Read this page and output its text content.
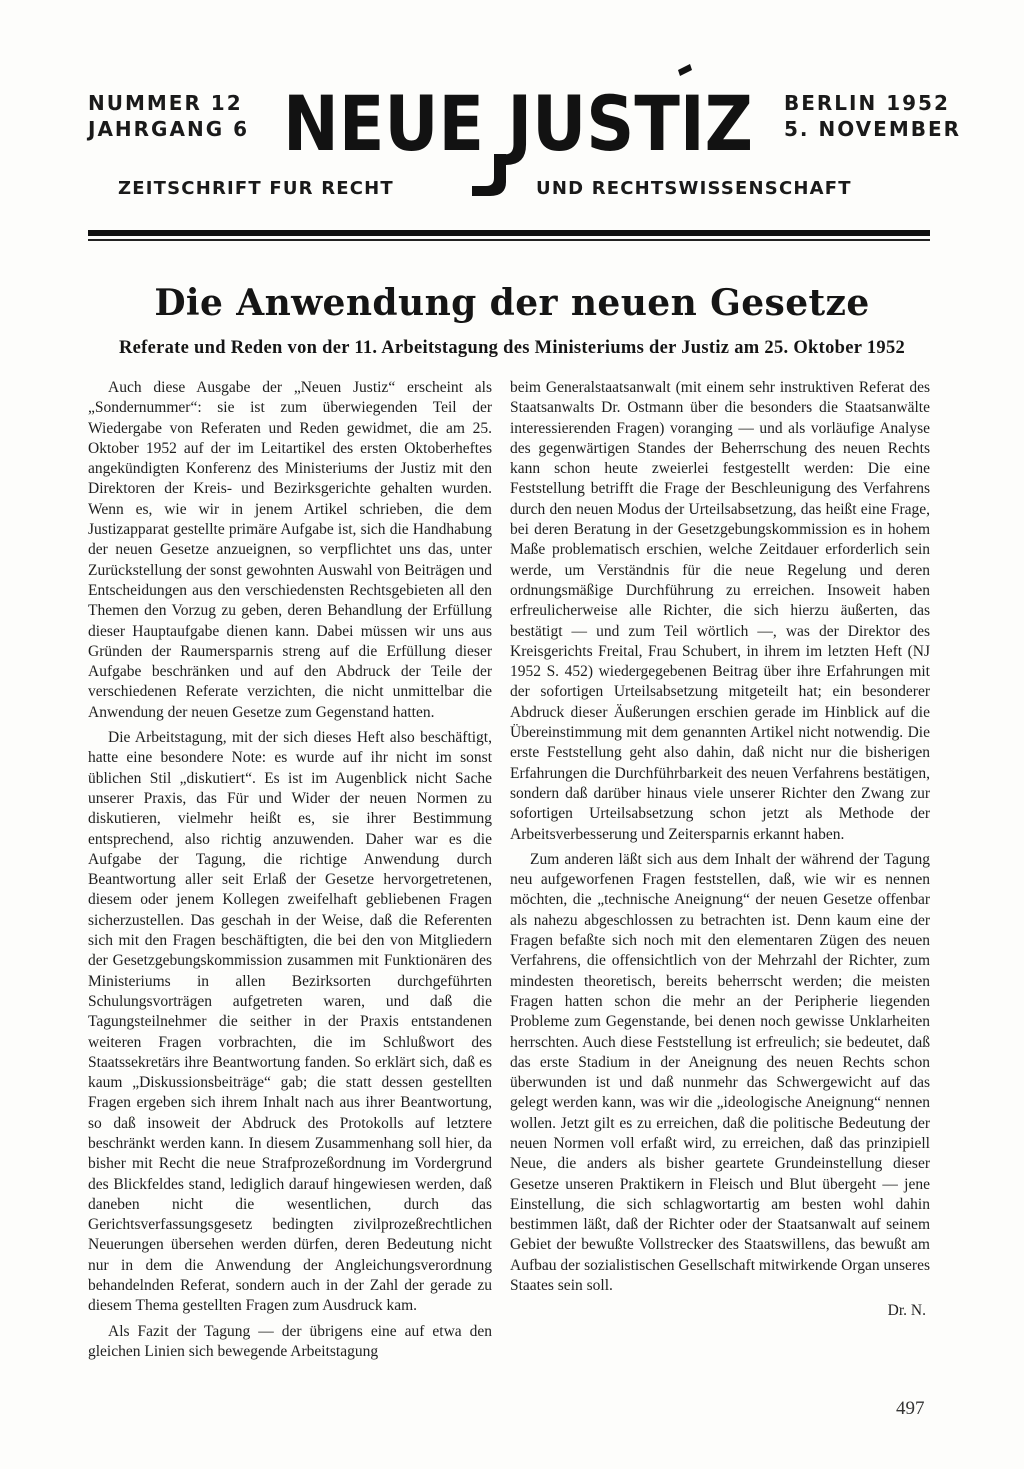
NUMMER 12
JAHRGANG 6 NEUE JUSTIZ BERLIN 1952
5. NOVEMBER
ZEITSCHRIFT FUR RECHT	UND RECHTSWISSENSCHAFT
Die Anwendung der neuen Gesetze
Referate und Reden von der 11. Arbeitstagung des Ministeriums der Justiz am 25. Oktober 1952

Auch diese Ausgabe der „Neuen Justiz“ erscheint als „Sondernummer“: sie ist zum überwiegenden Teil der Wiedergabe von Referaten und Reden gewidmet, die am 25. Oktober 1952 auf der im Leitartikel des ersten Oktoberheftes angekündigten Konferenz des Ministeriums der Justiz mit den Direktoren der Kreis- und Bezirksgerichte gehalten wurden. Wenn es, wie wir in jenem Artikel schrieben, die dem Justizapparat gestellte primäre Aufgabe ist, sich die Handhabung der neuen Gesetze anzueignen, so verpflichtet uns das, unter Zurückstellung der sonst gewohnten Auswahl von Beiträgen und Entscheidungen aus den verschiedensten Rechtsgebieten all den Themen den Vorzug zu geben, deren Behandlung der Erfüllung dieser Hauptaufgabe dienen kann. Dabei müssen wir uns aus Gründen der Raumersparnis streng auf die Erfüllung dieser Aufgabe beschränken und auf den Abdruck der Teile der verschiedenen Referate verzichten, die nicht unmittelbar die Anwendung der neuen Gesetze zum Gegenstand hatten.

Die Arbeitstagung, mit der sich dieses Heft also beschäftigt, hatte eine besondere Note: es wurde auf ihr nicht im sonst üblichen Stil „diskutiert“. Es ist im Augenblick nicht Sache unserer Praxis, das Für und Wider der neuen Normen zu diskutieren, vielmehr heißt es, sie ihrer Bestimmung entsprechend, also richtig anzuwenden. Daher war es die Aufgabe der Tagung, die richtige Anwendung durch Beantwortung aller seit Erlaß der Gesetze hervorgetretenen, diesem oder jenem Kollegen zweifelhaft gebliebenen Fragen sicherzustellen. Das geschah in der Weise, daß die Referenten sich mit den Fragen beschäftigten, die bei den von Mitgliedern der Gesetzgebungskommission zusammen mit Funktionären des Ministeriums in allen Bezirksorten durchgeführten Schulungsvorträgen aufgetreten waren, und daß die Tagungsteilnehmer die seither in der Praxis entstandenen weiteren Fragen vorbrachten, die im Schlußwort des Staatssekretärs ihre Beantwortung fanden. So erklärt sich, daß es kaum „Diskussionsbeiträge“ gab; die statt dessen gestellten Fragen ergeben sich ihrem Inhalt nach aus ihrer Beantwortung, so daß insoweit der Abdruck des Protokolls auf letztere beschränkt werden kann. In diesem Zusammenhang soll hier, da bisher mit Recht die neue Strafprozeßordnung im Vordergrund des Blickfeldes stand, lediglich darauf hingewiesen werden, daß daneben nicht die wesentlichen, durch das Gerichtsverfassungsgesetz bedingten zivilprozeßrechtlichen Neuerungen übersehen werden dürfen, deren Bedeutung nicht nur in dem die Anwendung der Angleichungsverordnung behandelnden Referat, sondern auch in der Zahl der gerade zu diesem Thema gestellten Fragen zum Ausdruck kam.

Als Fazit der Tagung — der übrigens eine auf etwa den gleichen Linien sich bewegende Arbeitstagung

beim Generalstaatsanwalt (mit einem sehr instruktiven Referat des Staatsanwalts Dr. Ostmann über die besonders die Staatsanwälte interessierenden Fragen) voranging — und als vorläufige Analyse des gegenwärtigen Standes der Beherrschung des neuen Rechts kann schon heute zweierlei festgestellt werden: Die eine Feststellung betrifft die Frage der Beschleunigung des Verfahrens durch den neuen Modus der Urteilsabsetzung, das heißt eine Frage, bei deren Beratung in der Gesetzgebungskommission es in hohem Maße problematisch erschien, welche Zeitdauer erforderlich sein werde, um Verständnis für die neue Regelung und deren ordnungsmäßige Durchführung zu erreichen. Insoweit haben erfreulicherweise alle Richter, die sich hierzu äußerten, das bestätigt — und zum Teil wörtlich —, was der Direktor des Kreisgerichts Freital, Frau Schubert, in ihrem im letzten Heft (NJ 1952 S. 452) wiedergegebenen Beitrag über ihre Erfahrungen mit der sofortigen Urteilsabsetzung mitgeteilt hat; ein besonderer Abdruck dieser Äußerungen erschien gerade im Hinblick auf die Übereinstimmung mit dem genannten Artikel nicht notwendig. Die erste Feststellung geht also dahin, daß nicht nur die bisherigen Erfahrungen die Durchführbarkeit des neuen Verfahrens bestätigen, sondern daß darüber hinaus viele unserer Richter den Zwang zur sofortigen Urteilsabsetzung schon jetzt als Methode der Arbeitsverbesserung und Zeitersparnis erkannt haben.

Zum anderen läßt sich aus dem Inhalt der während der Tagung neu aufgeworfenen Fragen feststellen, daß, wie wir es nennen möchten, die „technische Aneignung“ der neuen Gesetze offenbar als nahezu abgeschlossen zu betrachten ist. Denn kaum eine der Fragen befaßte sich noch mit den elementaren Zügen des neuen Verfahrens, die offensichtlich von der Mehrzahl der Richter, zum mindesten theoretisch, bereits beherrscht werden; die meisten Fragen hatten schon die mehr an der Peripherie liegenden Probleme zum Gegenstande, bei denen noch gewisse Unklarheiten herrschten. Auch diese Feststellung ist erfreulich; sie bedeutet, daß das erste Stadium in der Aneignung des neuen Rechts schon überwunden ist und daß nunmehr das Schwergewicht auf das gelegt werden kann, was wir die „ideologische Aneignung“ nennen wollen. Jetzt gilt es zu erreichen, daß die politische Bedeutung der neuen Normen voll erfaßt wird, zu erreichen, daß das prinzipiell Neue, die anders als bisher geartete Grundeinstellung dieser Gesetze unseren Praktikern in Fleisch und Blut übergeht — jene Einstellung, die sich schlagwortartig am besten wohl dahin bestimmen läßt, daß der Richter oder der Staatsanwalt auf seinem Gebiet der bewußte Vollstrecker des Staatswillens, das bewußt am Aufbau der sozialistischen Gesellschaft mitwirkende Organ unseres Staates sein soll.

Dr. N.
497
